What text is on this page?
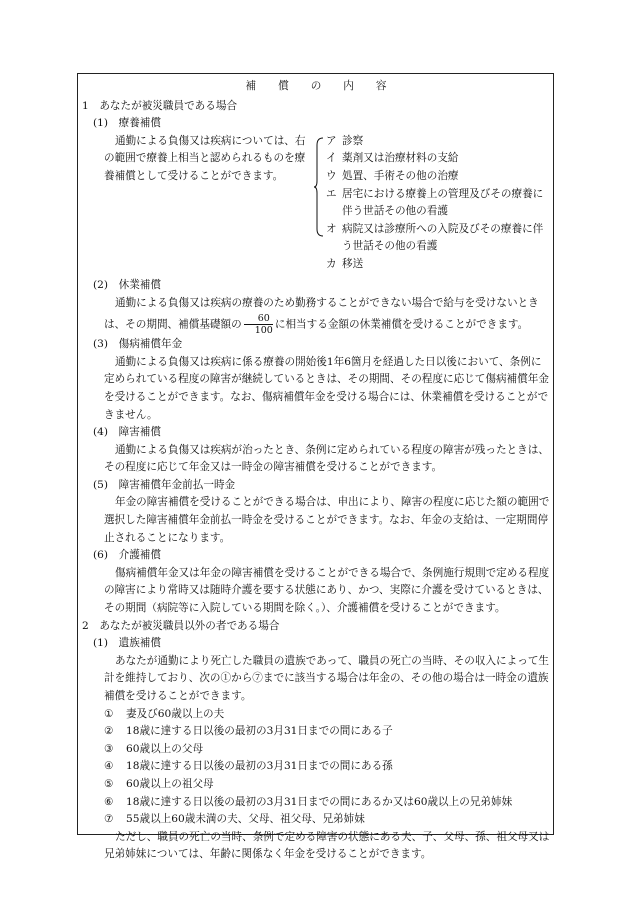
補償の内容
1　あなたが被災職員である場合
(1)　療養補償
通勤による負傷又は疾病については、右の範囲で療養上相当と認められるものを療養補償として受けることができます。
ア 診察
イ 薬剤又は治療材料の支給
ウ 処置、手術その他の治療
エ 居宅における療養上の管理及びその療養に伴う世話その他の看護
オ 病院又は診療所への入院及びその療養に伴う世話その他の看護
カ 移送
(2)　休業補償
通勤による負傷又は疾病の療養のため勤務することができない場合で給与を受けないときは、その期間、補償基礎額の $\frac{60}{100}$ に相当する金額の休業補償を受けることができます。
(3)　傷病補償年金
通勤による負傷又は疾病に係る療養の開始後1年6箇月を経過した日以後において、条例に定められている程度の障害が継続しているときは、その期間、その程度に応じて傷病補償年金を受けることができます。なお、傷病補償年金を受ける場合には、休業補償を受けることができません。
(4)　障害補償
通勤による負傷又は疾病が治ったとき、条例に定められている程度の障害が残ったときは、その程度に応じて年金又は一時金の障害補償を受けることができます。
(5)　障害補償年金前払一時金
年金の障害補償を受けることができる場合は、申出により、障害の程度に応じた額の範囲で選択した障害補償年金前払一時金を受けることができます。なお、年金の支給は、一定期間停止されることになります。
(6)　介護補償
傷病補償年金又は年金の障害補償を受けることができる場合で、条例施行規則で定める程度の障害により常時又は随時介護を要する状態にあり、かつ、実際に介護を受けているときは、その期間（病院等に入院している期間を除く。）、介護補償を受けることができます。
2　あなたが被災職員以外の者である場合
(1)　遺族補償
あなたが通勤により死亡した職員の遺族であって、職員の死亡の当時、その収入によって生計を維持しており、次の①から⑦までに該当する場合は年金の、その他の場合は一時金の遺族補償を受けることができます。
①	妻及び60歳以上の夫
②	18歳に達する日以後の最初の3月31日までの間にある子
③	60歳以上の父母
④	18歳に達する日以後の最初の3月31日までの間にある孫
⑤	60歳以上の祖父母
⑥	18歳に達する日以後の最初の3月31日までの間にあるか又は60歳以上の兄弟姉妹
⑦	55歳以上60歳未満の夫、父母、祖父母、兄弟姉妹
ただし、職員の死亡の当時、条例で定める障害の状態にある夫、子、父母、孫、祖父母又は兄弟姉妹については、年齢に関係なく年金を受けることができます。
